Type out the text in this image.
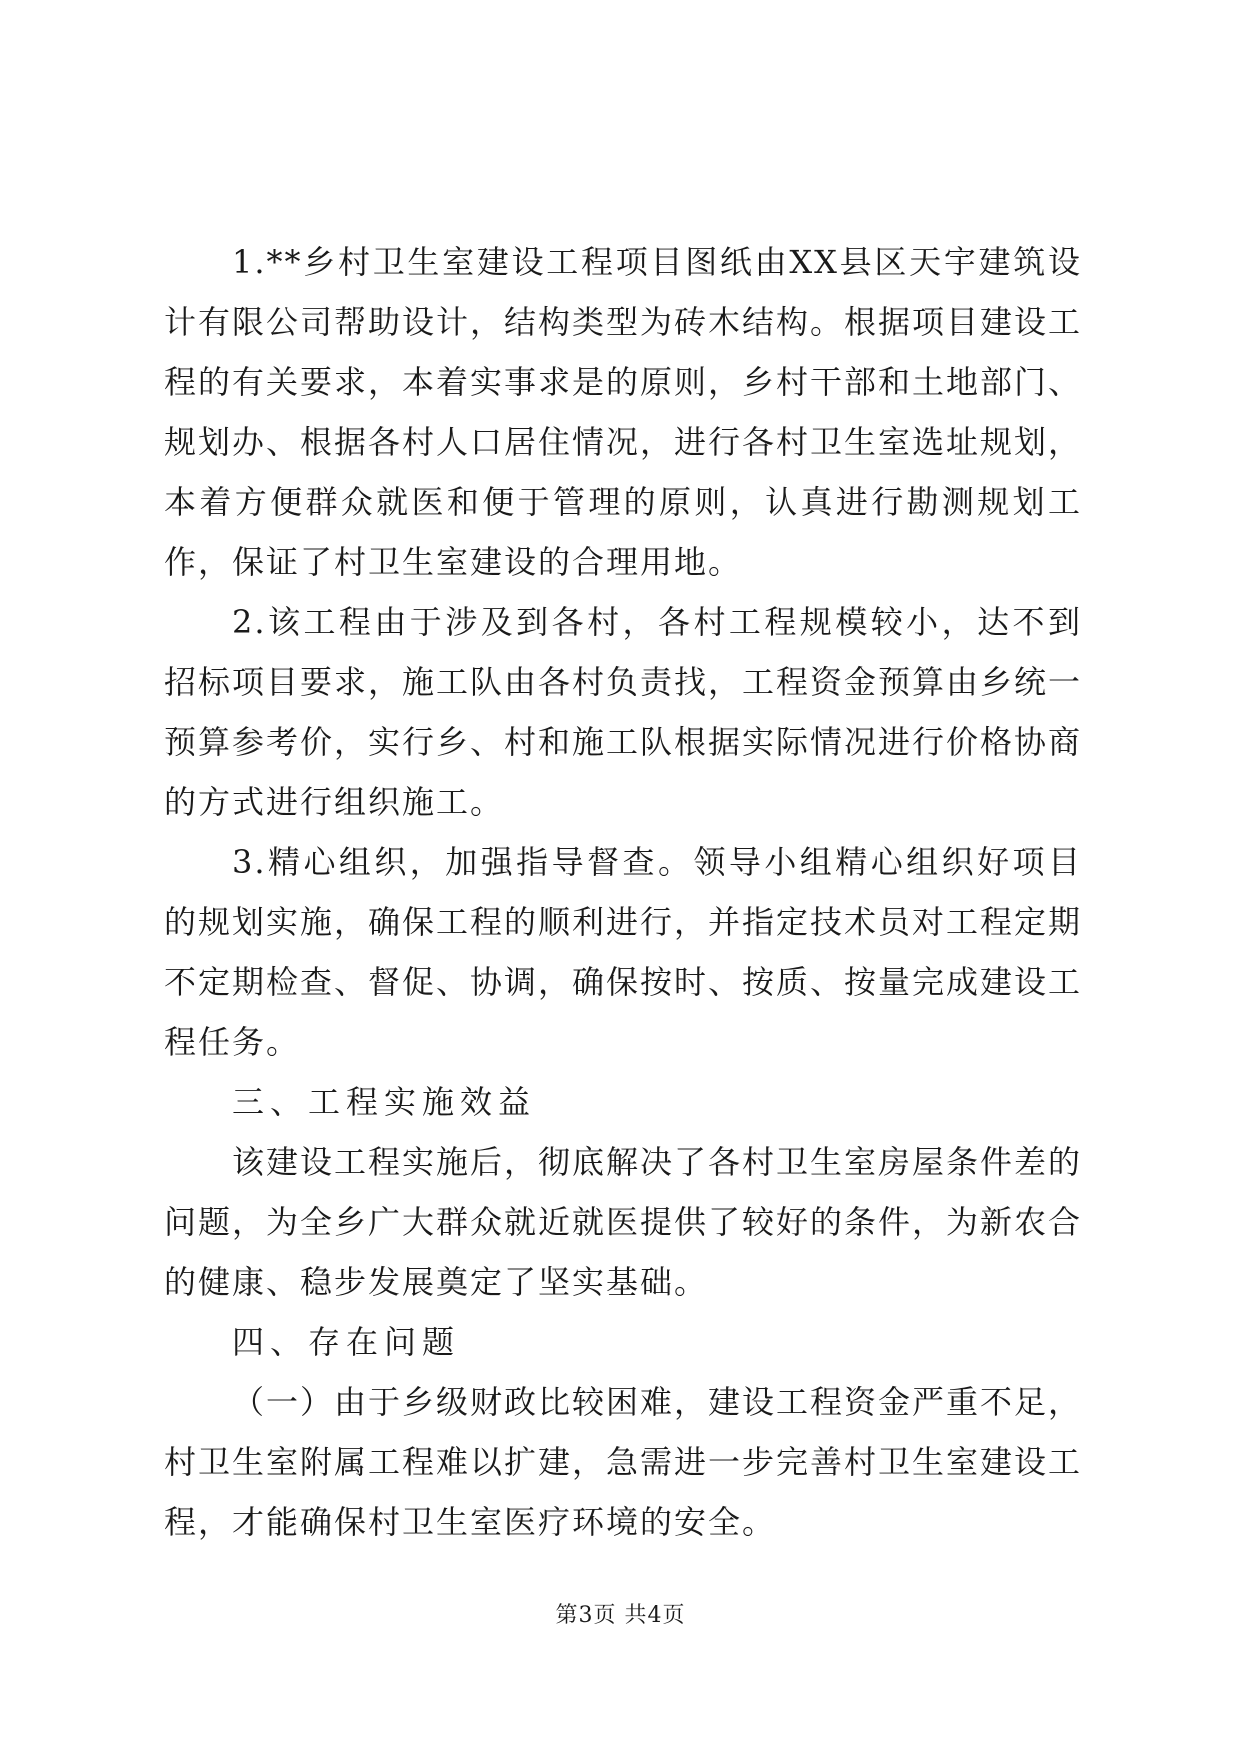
1.**乡村卫生室建设工程项目图纸由XX县区天宇建筑设计有限公司帮助设计，结构类型为砖木结构。根据项目建设工程的有关要求，本着实事求是的原则，乡村干部和土地部门、规划办、根据各村人口居住情况，进行各村卫生室选址规划，本着方便群众就医和便于管理的原则，认真进行勘测规划工作，保证了村卫生室建设的合理用地。

2.该工程由于涉及到各村，各村工程规模较小，达不到招标项目要求，施工队由各村负责找，工程资金预算由乡统一预算参考价，实行乡、村和施工队根据实际情况进行价格协商的方式进行组织施工。

3.精心组织，加强指导督查。领导小组精心组织好项目的规划实施，确保工程的顺利进行，并指定技术员对工程定期不定期检查、督促、协调，确保按时、按质、按量完成建设工程任务。

三、工程实施效益

该建设工程实施后，彻底解决了各村卫生室房屋条件差的问题，为全乡广大群众就近就医提供了较好的条件，为新农合的健康、稳步发展奠定了坚实基础。

四、存在问题

（一）由于乡级财政比较困难，建设工程资金严重不足，村卫生室附属工程难以扩建，急需进一步完善村卫生室建设工程，才能确保村卫生室医疗环境的安全。

第3页 共4页
